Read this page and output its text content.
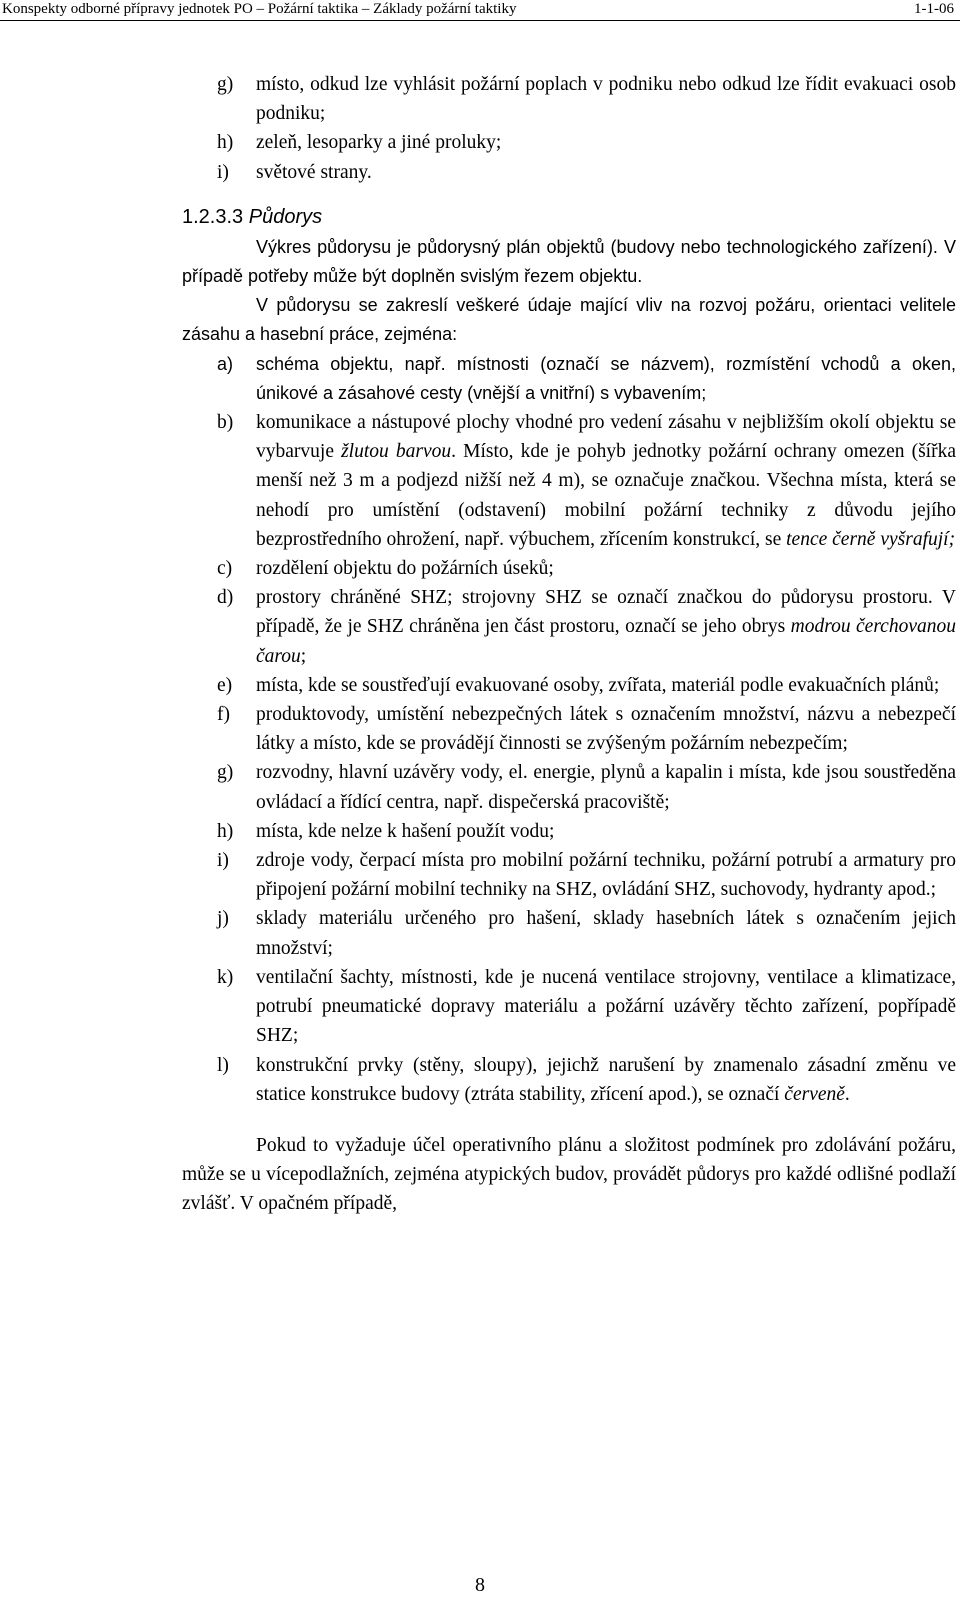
Konspekty odborné přípravy jednotek PO – Požární taktika – Základy požární taktiky	1-1-06
g) místo, odkud lze vyhlásit požární poplach v podniku nebo odkud lze řídit evakuaci osob podniku;
h) zeleň, lesoparky a jiné proluky;
i) světové strany.
1.2.3.3 Půdorys

Výkres půdorysu je půdorysný plán objektů (budovy nebo technologického zařízení). V případě potřeby může být doplněn svislým řezem objektu.

V půdorysu se zakreslí veškeré údaje mající vliv na rozvoj požáru, orientaci velitele zásahu a hasební práce, zejména:

a) schéma objektu, např. místnosti (označí se názvem), rozmístění vchodů a oken, únikové a zásahové cesty (vnější a vnitřní) s vybavením;
b) komunikace a nástupové plochy vhodné pro vedení zásahu v nejbližším okolí objektu se vybarvuje žlutou barvou. Místo, kde je pohyb jednotky požární ochrany omezen (šířka menší než 3 m a podjezd nižší než 4 m), se označuje značkou. Všechna místa, která se nehodí pro umístění (odstavení) mobilní požární techniky z důvodu jejího bezprostředního ohrožení, např. výbuchem, zřícením konstrukcí, se tence černě vyšrafují;
c) rozdělení objektu do požárních úseků;
d) prostory chráněné SHZ; strojovny SHZ se označí značkou do půdorysu prostoru. V případě, že je SHZ chráněna jen část prostoru, označí se jeho obrys modrou čerchovanou čarou;
e) místa, kde se soustřeďují evakuované osoby, zvířata, materiál podle evakuačních plánů;
f) produktovody, umístění nebezpečných látek s označením množství, názvu a nebezpečí látky a místo, kde se provádějí činnosti se zvýšeným požárním nebezpečím;
g) rozvodny, hlavní uzávěry vody, el. energie, plynů a kapalin i místa, kde jsou soustředěna ovládací a řídící centra, např. dispečerská pracoviště;
h) místa, kde nelze k hašení použít vodu;
i) zdroje vody, čerpací místa pro mobilní požární techniku, požární potrubí a armatury pro připojení požární mobilní techniky na SHZ, ovládání SHZ, suchovody, hydranty apod.;
j) sklady materiálu určeného pro hašení, sklady hasebních látek s označením jejich množství;
k) ventilační šachty, místnosti, kde je nucená ventilace strojovny, ventilace a klimatizace, potrubí pneumatické dopravy materiálu a požární uzávěry těchto zařízení, popřípadě SHZ;
l) konstrukční prvky (stěny, sloupy), jejichž narušení by znamenalo zásadní změnu ve statice konstrukce budovy (ztráta stability, zřícení apod.), se označí červeně.

Pokud to vyžaduje účel operativního plánu a složitost podmínek pro zdolávání požáru, může se u vícepodlažních, zejména atypických budov, provádět půdorys pro každé odlišné podlaží zvlášť. V opačném případě,

8
